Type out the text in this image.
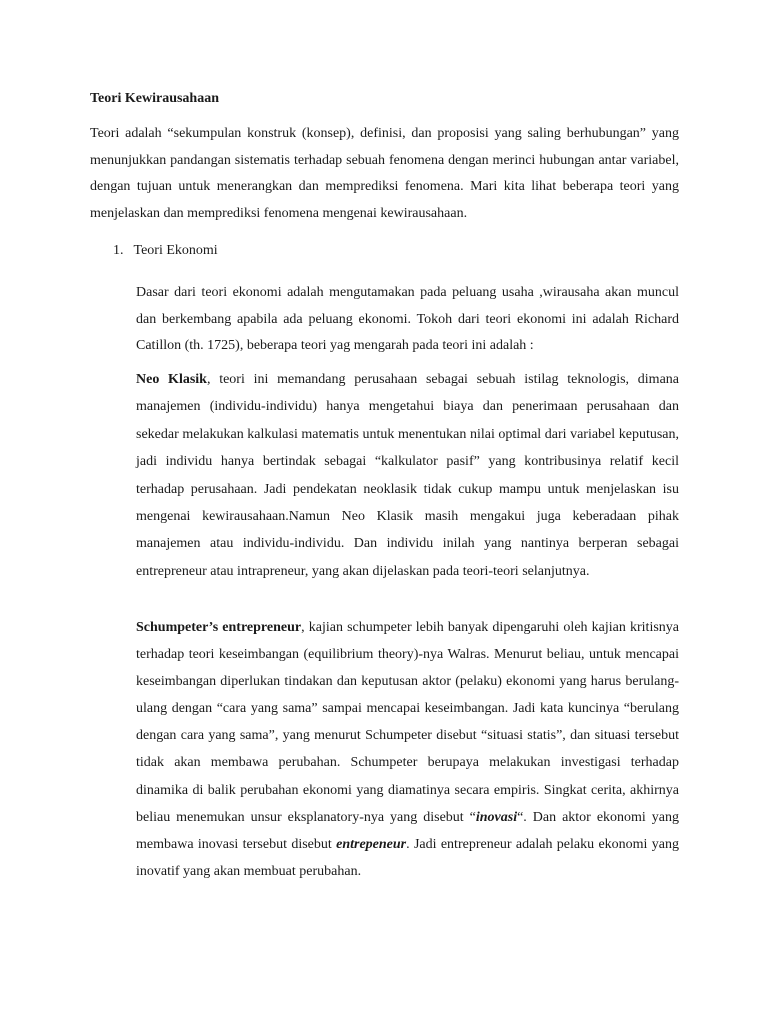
Teori Kewirausahaan

Teori adalah “sekumpulan konstruk (konsep), definisi, dan proposisi yang saling berhubungan” yang menunjukkan pandangan sistematis terhadap sebuah fenomena dengan merinci hubungan antar variabel, dengan tujuan untuk menerangkan dan memprediksi fenomena. Mari kita lihat beberapa teori yang menjelaskan dan memprediksi fenomena mengenai kewirausahaan.

1. Teori Ekonomi

Dasar dari teori ekonomi adalah mengutamakan pada peluang usaha ,wirausaha akan muncul dan berkembang apabila ada peluang ekonomi. Tokoh dari teori ekonomi ini adalah Richard Catillon (th. 1725), beberapa teori yag mengarah pada teori ini adalah :

Neo Klasik, teori ini memandang perusahaan sebagai sebuah istilag teknologis, dimana manajemen (individu-individu) hanya mengetahui biaya dan penerimaan perusahaan dan sekedar melakukan kalkulasi matematis untuk menentukan nilai optimal dari variabel keputusan, jadi individu hanya bertindak sebagai “kalkulator pasif” yang kontribusinya relatif kecil terhadap perusahaan. Jadi pendekatan neoklasik tidak cukup mampu untuk menjelaskan isu mengenai kewirausahaan.Namun Neo Klasik masih mengakui juga keberadaan pihak manajemen atau individu-individu. Dan individu inilah yang nantinya berperan sebagai entrepreneur atau intrapreneur, yang akan dijelaskan pada teori-teori selanjutnya.

Schumpeter’s entrepreneur, kajian schumpeter lebih banyak dipengaruhi oleh kajian kritisnya terhadap teori keseimbangan (equilibrium theory)-nya Walras. Menurut beliau, untuk mencapai keseimbangan diperlukan tindakan dan keputusan aktor (pelaku) ekonomi yang harus berulang-ulang dengan “cara yang sama” sampai mencapai keseimbangan. Jadi kata kuncinya “berulang dengan cara yang sama”, yang menurut Schumpeter disebut “situasi statis”, dan situasi tersebut tidak akan membawa perubahan. Schumpeter berupaya melakukan investigasi terhadap dinamika di balik perubahan ekonomi yang diamatinya secara empiris. Singkat cerita, akhirnya beliau menemukan unsur eksplanatory-nya yang disebut “inovasi“. Dan aktor ekonomi yang membawa inovasi tersebut disebut entrepeneur. Jadi entrepreneur adalah pelaku ekonomi yang inovatif yang akan membuat perubahan.
